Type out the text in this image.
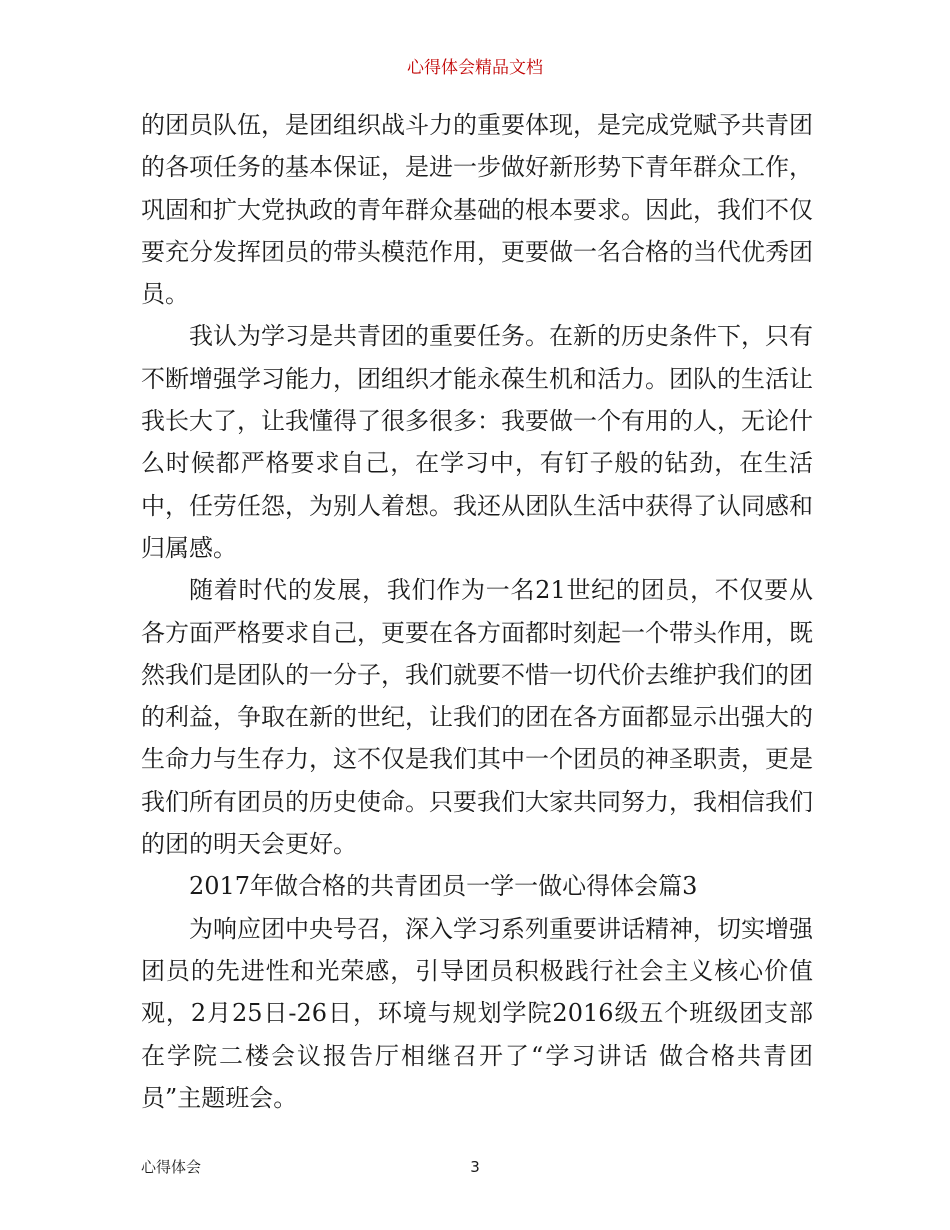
心得体会精品文档

的团员队伍，是团组织战斗力的重要体现，是完成党赋予共青团的各项任务的基本保证，是进一步做好新形势下青年群众工作，巩固和扩大党执政的青年群众基础的根本要求。因此，我们不仅要充分发挥团员的带头模范作用，更要做一名合格的当代优秀团员。

我认为学习是共青团的重要任务。在新的历史条件下，只有不断增强学习能力，团组织才能永葆生机和活力。团队的生活让我长大了，让我懂得了很多很多：我要做一个有用的人，无论什么时候都严格要求自己，在学习中，有钉子般的钻劲，在生活中，任劳任怨，为别人着想。我还从团队生活中获得了认同感和归属感。

随着时代的发展，我们作为一名21世纪的团员，不仅要从各方面严格要求自己，更要在各方面都时刻起一个带头作用，既然我们是团队的一分子，我们就要不惜一切代价去维护我们的团的利益，争取在新的世纪，让我们的团在各方面都显示出强大的生命力与生存力，这不仅是我们其中一个团员的神圣职责，更是我们所有团员的历史使命。只要我们大家共同努力，我相信我们的团的明天会更好。

2017年做合格的共青团员一学一做心得体会篇3

为响应团中央号召，深入学习系列重要讲话精神，切实增强团员的先进性和光荣感，引导团员积极践行社会主义核心价值观，2月25日-26日，环境与规划学院2016级五个班级团支部在学院二楼会议报告厅相继召开了“学习讲话 做合格共青团员”主题班会。

心得体会	3
